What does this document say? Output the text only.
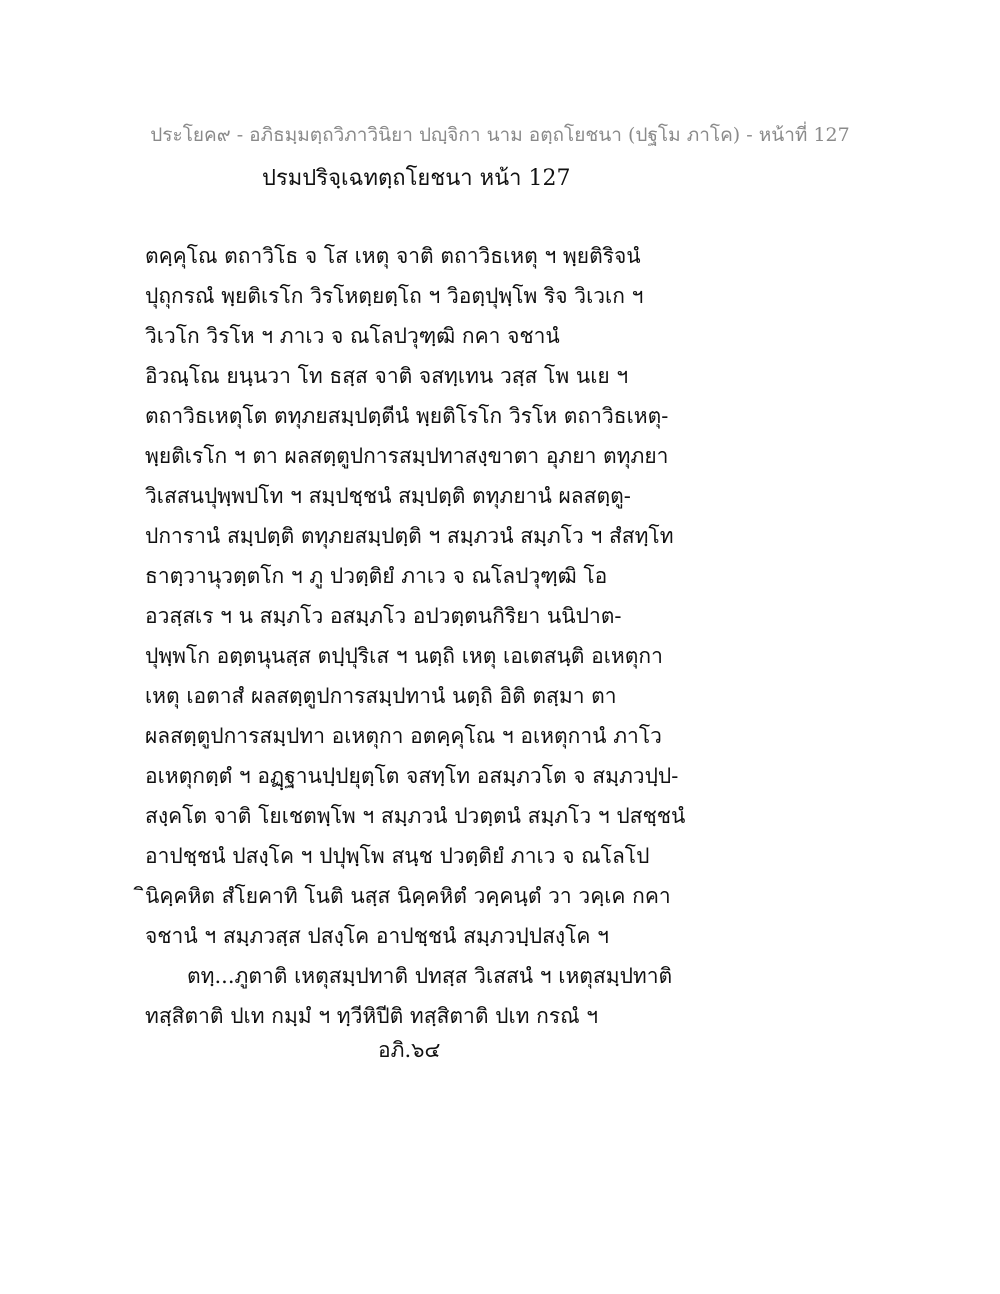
ประโยค๙ - อภิธมฺมตฺถวิภาวินิยา ปญฺจิกา นาม อตฺถโยชนา (ปฐโม ภาโค) - หน้าที่ 127
ปรมปริจฺเฉทตฺถโยชนา หน้า 127
ตคฺคุโณ ตถาวิโธ จ โส เหตุ จาติ ตถาวิธเหตุ ฯ พฺยติริจนํ
ปุถุกรณํ พฺยติเรโก วิรโหตฺยตฺโถ ฯ วิอตฺปุพฺโพ ริจ วิเวเก ฯ
วิเวโก วิรโห ฯ ภาเว จ ณโลปวุฑฺฒิ กคา จชานํ
อิวณฺโณ ยนฺนวา โท ธสฺส จาติ จสทฺเทน วสฺส โพ นเย ฯ
ตถาวิธเหตุโต ตทุภยสมฺปตฺตีนํ พฺยติโรโก วิรโห ตถาวิธเหตุ-
พฺยติเรโก ฯ ตา ผลสตฺตูปการสมฺปทาสงฺขาตา อุภยา ตทุภยา
วิเสสนปุพฺพปโท ฯ สมฺปชฺชนํ สมฺปตฺติ ตทุภยานํ ผลสตฺตู-
ปการานํ สมฺปตฺติ ตทุภยสมฺปตฺติ ฯ สมฺภวนํ สมฺภโว ฯ สํสทฺโท
ธาตฺวานุวตฺตโก ฯ ภู ปวตฺติยํ ภาเว จ ณโลปวุฑฺฒิ โอ
อวสฺสเร ฯ น สมฺภโว อสมฺภโว อปวตฺตนกิริยา นนิปาต-
ปุพฺพโก อตฺตนุนสฺส ตปฺปุริเส ฯ นตฺถิ เหตุ เอเตสนฺติ อเหตุกา
เหตุ เอตาสํ ผลสตฺตูปการสมฺปทานํ นตฺถิ อิติ ตสฺมา ตา
ผลสตฺตูปการสมฺปทา อเหตุกา อตคฺคุโณ ฯ อเหตุกานํ ภาโว
อเหตุกตฺตํ ฯ อฏฺฐานปฺปยุตฺโต จสทฺโท อสมฺภวโต จ สมฺภวปฺป-
สงฺคโต จาติ โยเชตพฺโพ ฯ สมฺภวนํ ปวตฺตนํ สมฺภโว ฯ ปสชฺชนํ
อาปชฺชนํ ปสงฺโค ฯ ปปุพฺโพ สนฺช ปวตฺติยํ ภาเว จ ณโลโป
ินิคฺคหิต สํโยคาทิ โนติ นสฺส นิคฺคหิตํ วคฺคนฺตํ วา วคฺเค กคา
จชานํ ฯ สมฺภวสฺส ปสงฺโค อาปชฺชนํ สมฺภวปฺปสงฺโค ฯ
ตทฺ...ภูตาติ เหตุสมฺปทาติ ปทสฺส วิเสสนํ ฯ เหตุสมฺปทาติ
ทสฺสิตาติ ปเท กมฺมํ ฯ ทฺวีหิปีติ ทสฺสิตาติ ปเท กรณํ ฯ
อภิ.๖๔
